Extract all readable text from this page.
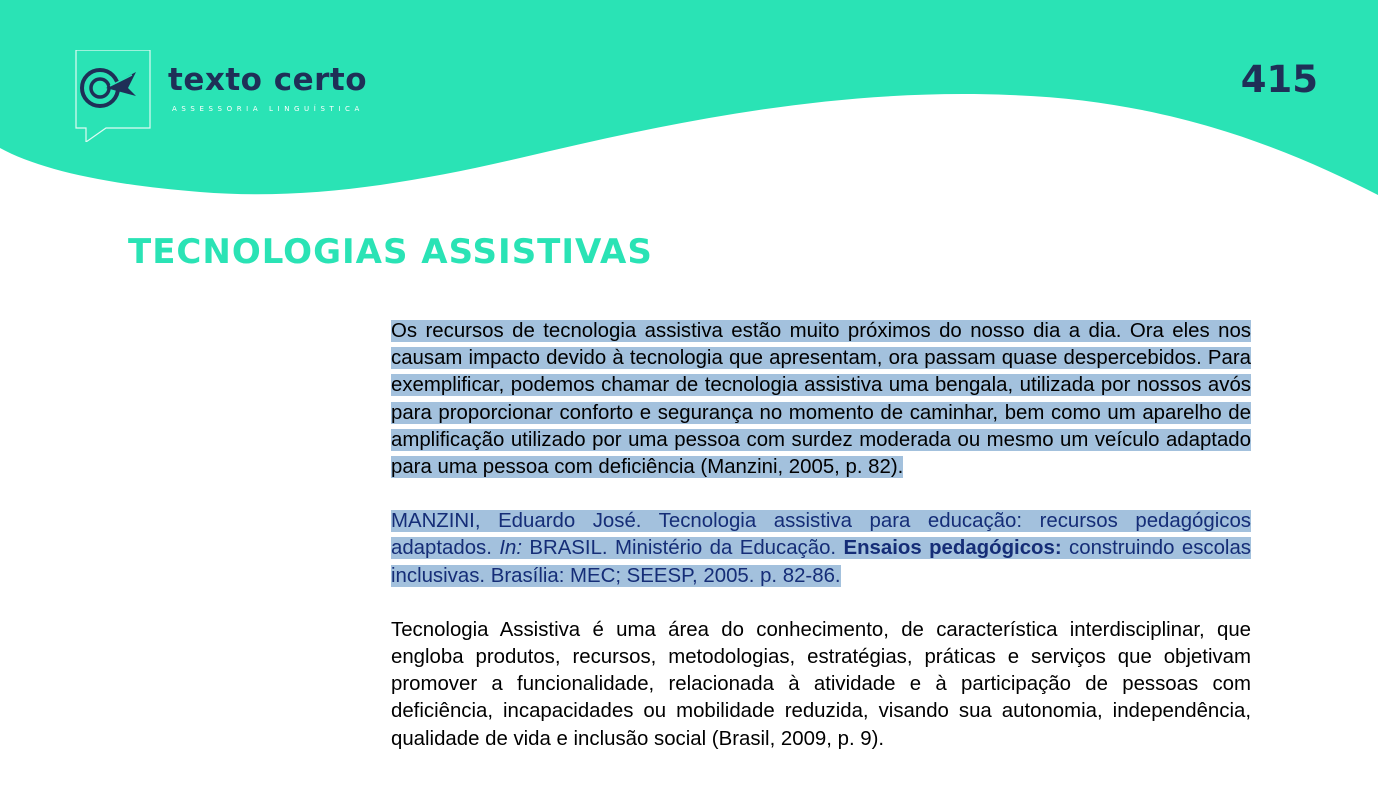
texto certo
ASSESSORIA LINGUÍSTICA
415
TECNOLOGIAS ASSISTIVAS

Os recursos de tecnologia assistiva estão muito próximos do nosso dia a dia. Ora eles nos causam impacto devido à tecnologia que apresentam, ora passam quase despercebidos. Para exemplificar, podemos chamar de tecnologia assistiva uma bengala, utilizada por nossos avós para proporcionar conforto e segurança no momento de caminhar, bem como um aparelho de amplificação utilizado por uma pessoa com surdez moderada ou mesmo um veículo adaptado para uma pessoa com deficiência (Manzini, 2005, p. 82).

MANZINI, Eduardo José. Tecnologia assistiva para educação: recursos pedagógicos adaptados. In: BRASIL. Ministério da Educação. Ensaios pedagógicos: construindo escolas inclusivas. Brasília: MEC; SEESP, 2005. p. 82-86.

Tecnologia Assistiva é uma área do conhecimento, de característica interdisciplinar, que engloba produtos, recursos, metodologias, estratégias, práticas e serviços que objetivam promover a funcionalidade, relacionada à atividade e à participação de pessoas com deficiência, incapacidades ou mobilidade reduzida, visando sua autonomia, independência, qualidade de vida e inclusão social (Brasil, 2009, p. 9).
